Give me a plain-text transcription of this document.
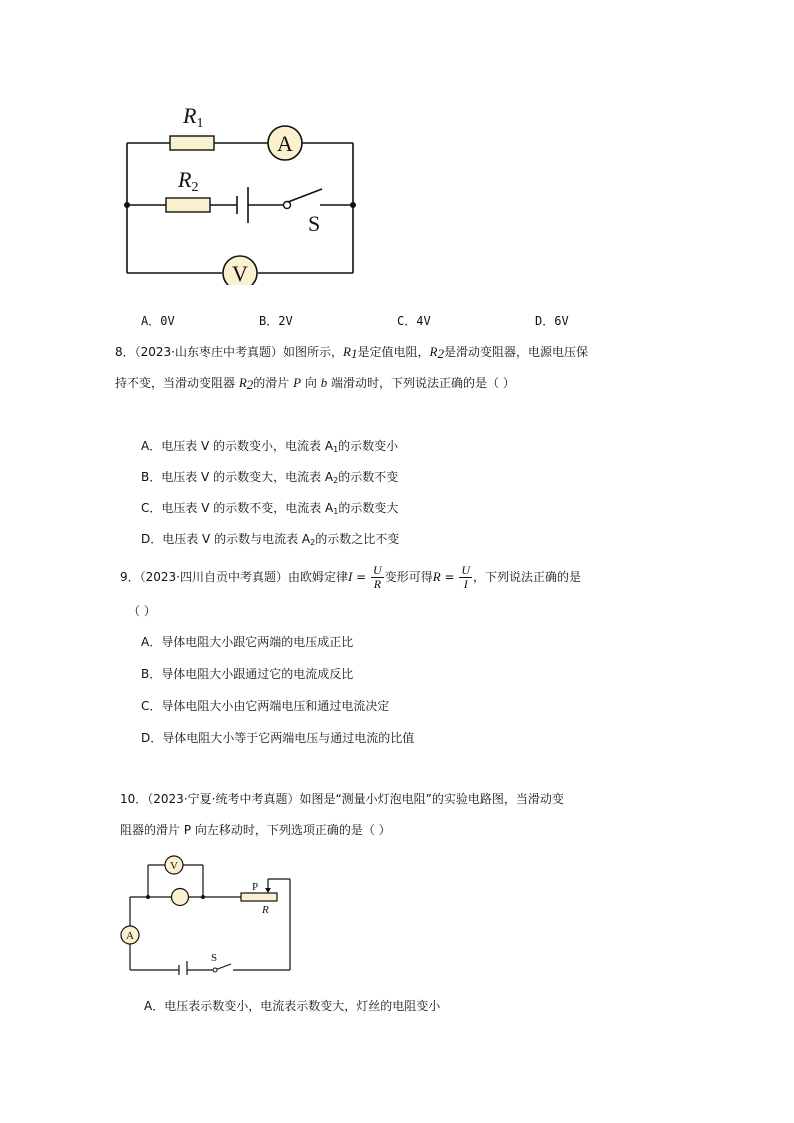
R1
R2
A
V
S
A．0V	B．2V	C．4V	D．6V
8．（2023·山东枣庄中考真题）如图所示，$R_1$是定值电阻，$R_2$是滑动变阻器，电源电压保
持不变，当滑动变阻器 $R_2$的滑片 P 向 b 端滑动时，下列说法正确的是（ ）
A．电压表 V 的示数变小，电流表 $A_1$的示数变小
B．电压表 V 的示数变大，电流表 $A_2$的示数不变
C．电压表 V 的示数不变，电流表 $A_1$的示数变大
D．电压表 V 的示数与电流表 $A_2$的示数之比不变
9．（2023·四川自贡中考真题）由欧姆定律$I = \frac{U}{R}$ 变形可得$R = \frac{U}{I}$ ，下列说法正确的是
（ ）
A．导体电阻大小跟它两端的电压成正比
B．导体电阻大小跟通过它的电流成反比
C．导体电阻大小由它两端电压和通过电流决定
D．导体电阻大小等于它两端电压与通过电流的比值
10．（2023·宁夏·统考中考真题）如图是“测量小灯泡电阻”的实验电路图，当滑动变
阻器的滑片 P 向左移动时，下列选项正确的是（ ）
V
A
P
R
S
A．电压表示数变小，电流表示数变大，灯丝的电阻变小
